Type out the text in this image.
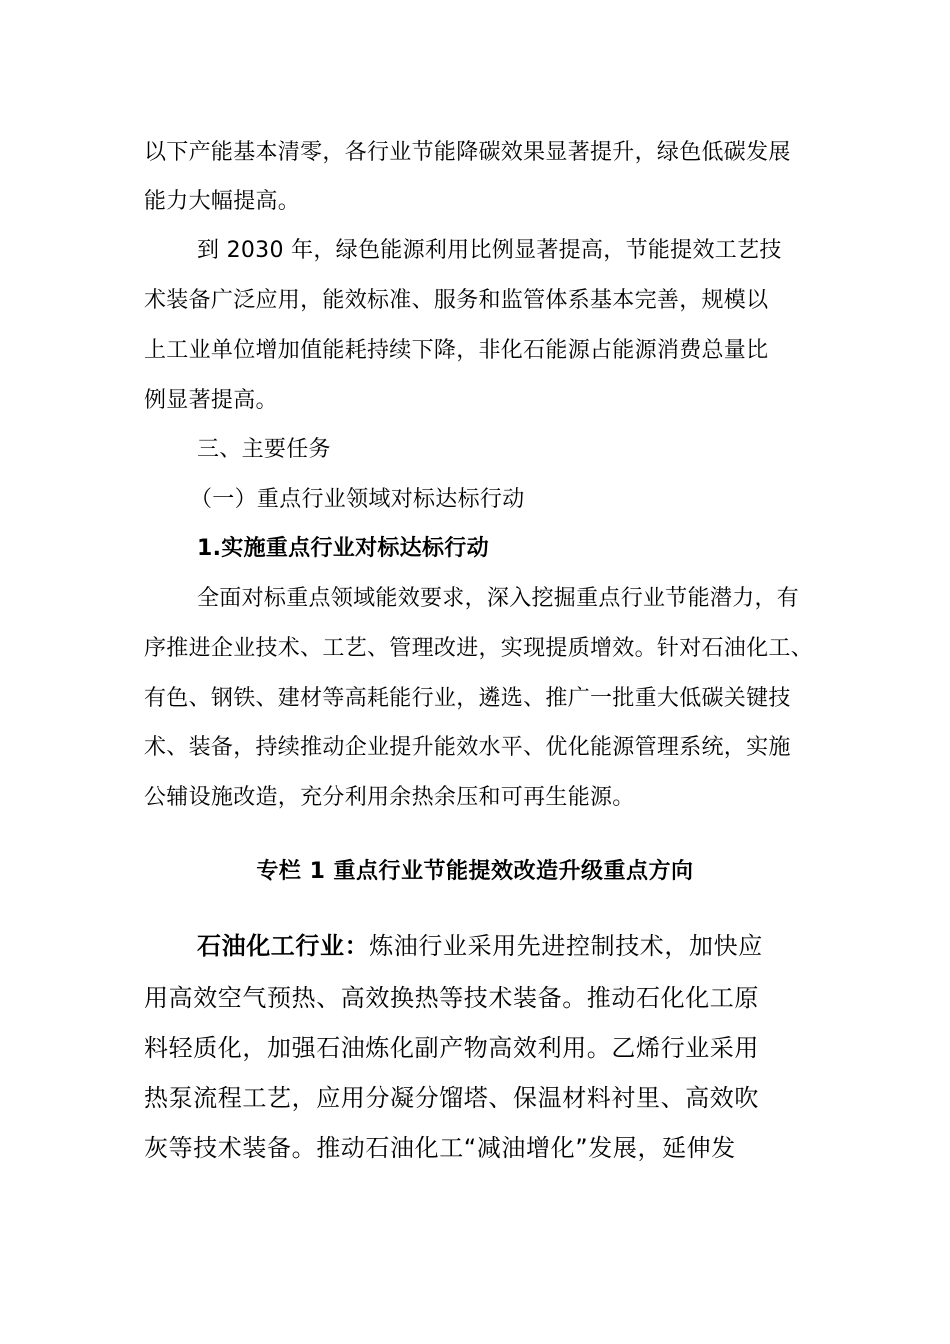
以下产能基本清零，各行业节能降碳效果显著提升，绿色低碳发展
能力大幅提高。
到 2030 年，绿色能源利用比例显著提高，节能提效工艺技
术装备广泛应用，能效标准、服务和监管体系基本完善，规模以
上工业单位增加值能耗持续下降，非化石能源占能源消费总量比
例显著提高。
三、主要任务
（一）重点行业领域对标达标行动
1.实施重点行业对标达标行动
全面对标重点领域能效要求，深入挖掘重点行业节能潜力，有
序推进企业技术、工艺、管理改进，实现提质增效。针对石油化工、
有色、钢铁、建材等高耗能行业，遴选、推广一批重大低碳关键技
术、装备，持续推动企业提升能效水平、优化能源管理系统，实施
公辅设施改造，充分利用余热余压和可再生能源。
专栏 1 重点行业节能提效改造升级重点方向
石油化工行业：炼油行业采用先进控制技术，加快应
用高效空气预热、高效换热等技术装备。推动石化化工原
料轻质化，加强石油炼化副产物高效利用。乙烯行业采用
热泵流程工艺，应用分凝分馏塔、保温材料衬里、高效吹
灰等技术装备。推动石油化工“减油增化”发展，延伸发
